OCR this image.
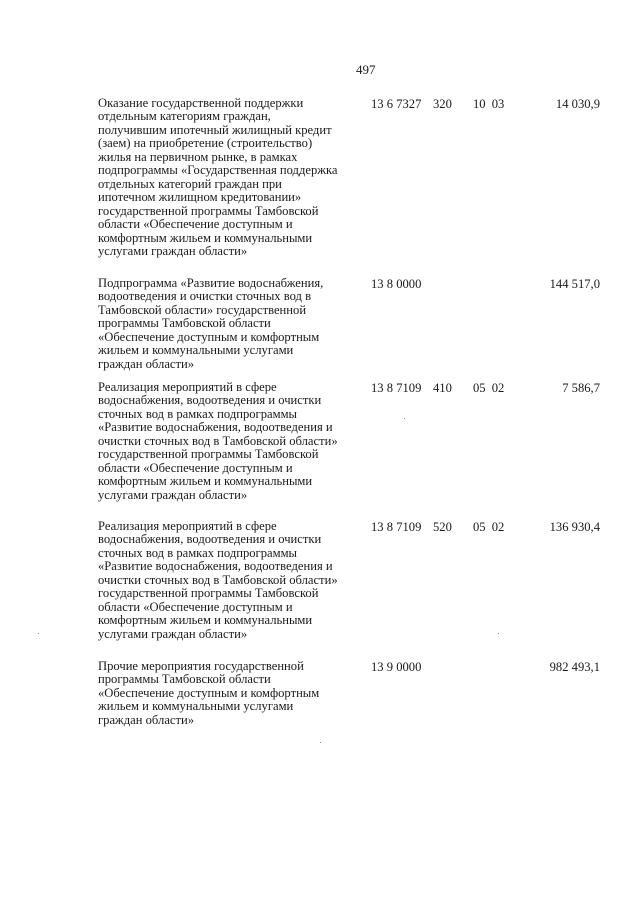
497
Оказание государственной поддержки
отдельным категориям граждан,
получившим ипотечный жилищный кредит
(заем) на приобретение (строительство)
жилья на первичном рынке, в рамках
подпрограммы «Государственная поддержка
отдельных категорий граждан при
ипотечном жилищном кредитовании»
государственной программы Тамбовской
области «Обеспечение доступным и
комфортным жильем и коммунальными
услугами граждан области»
13 6 7327 320 10 03	14 030,9
Подпрограмма «Развитие водоснабжения,
водоотведения и очистки сточных вод в
Тамбовской области» государственной
программы Тамбовской области
«Обеспечение доступным и комфортным
жильем и коммунальными услугами
граждан области»
13 8 0000	144 517,0
Реализация мероприятий в сфере
водоснабжения, водоотведения и очистки
сточных вод в рамках подпрограммы
«Развитие водоснабжения, водоотведения и
очистки сточных вод в Тамбовской области»
государственной программы Тамбовской
области «Обеспечение доступным и
комфортным жильем и коммунальными
услугами граждан области»
13 8 7109 410 05 02	7 586,7
Реализация мероприятий в сфере
водоснабжения, водоотведения и очистки
сточных вод в рамках подпрограммы
«Развитие водоснабжения, водоотведения и
очистки сточных вод в Тамбовской области»
государственной программы Тамбовской
области «Обеспечение доступным и
комфортным жильем и коммунальными
услугами граждан области»
13 8 7109 520 05 02	136 930,4
Прочие мероприятия государственной
программы Тамбовской области
«Обеспечение доступным и комфортным
жильем и коммунальными услугами
граждан области»
13 9 0000	982 493,1
